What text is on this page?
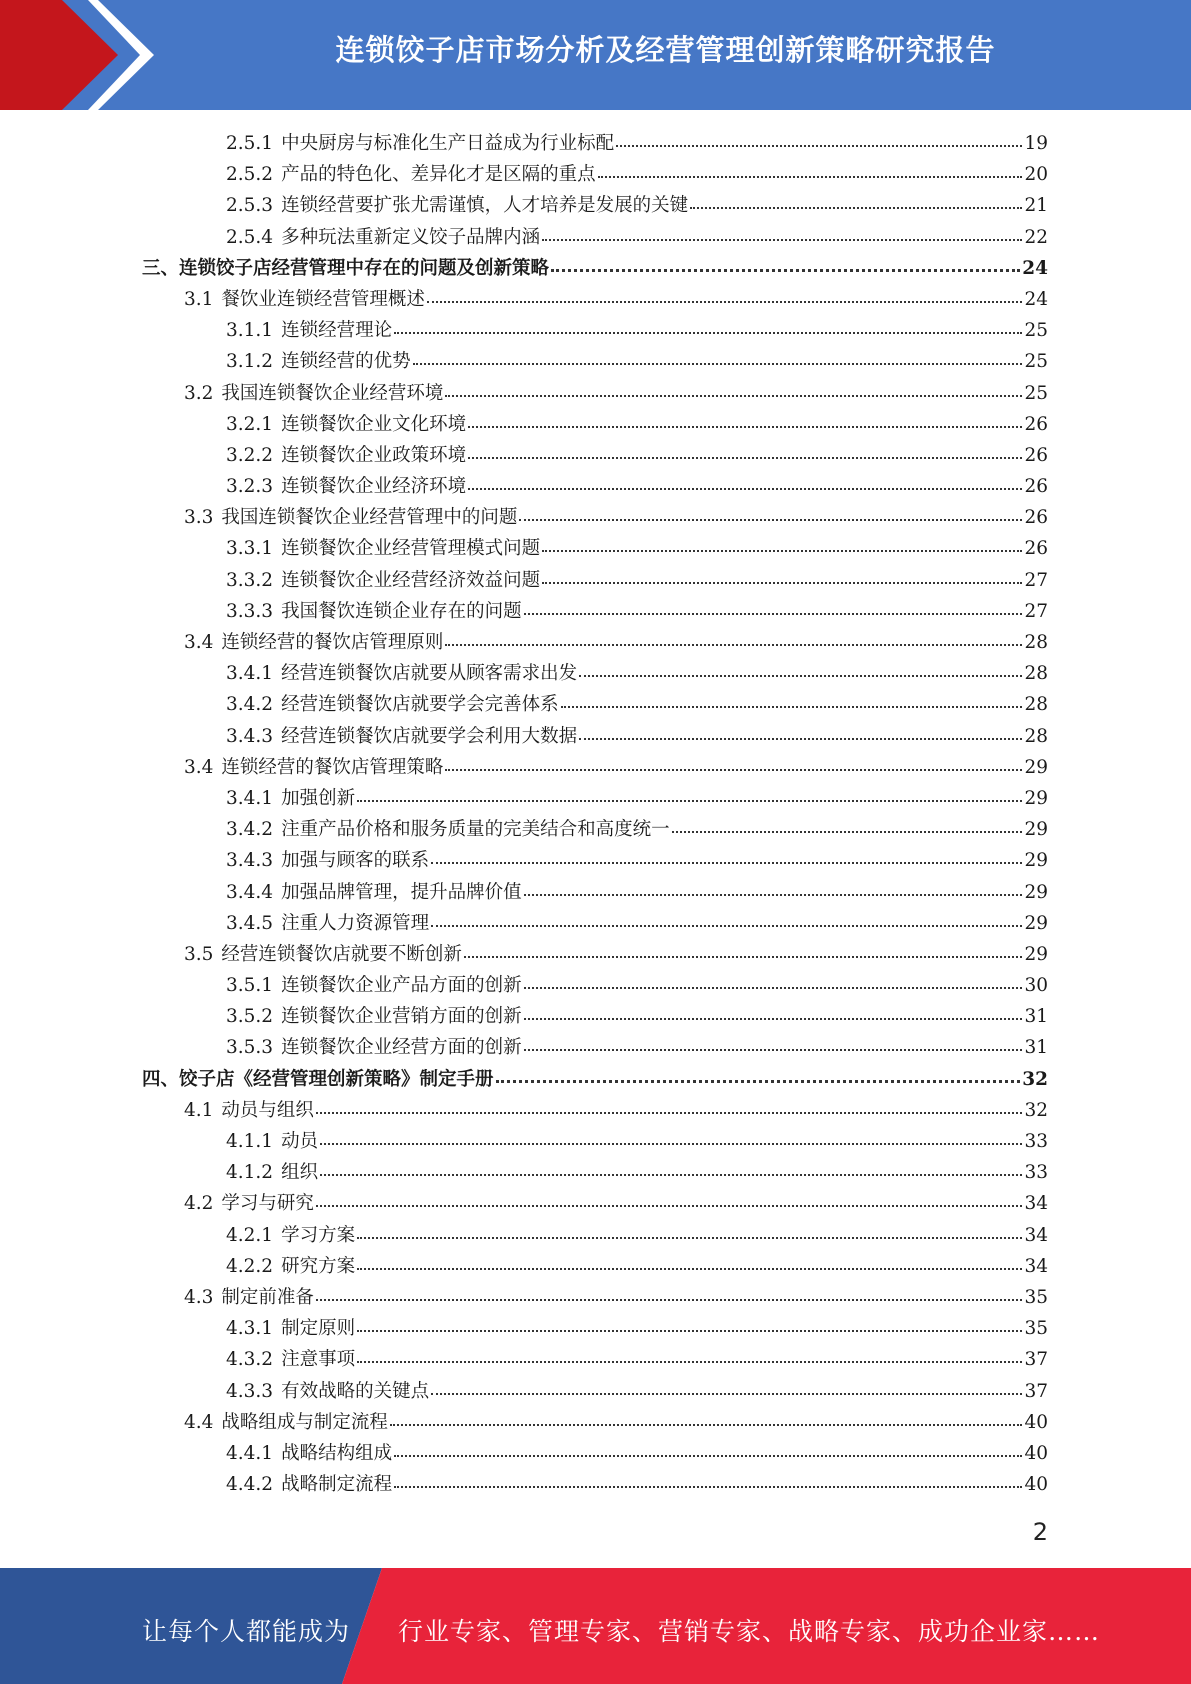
连锁饺子店市场分析及经营管理创新策略研究报告
2.5.1 中央厨房与标准化生产日益成为行业标配	19
2.5.2 产品的特色化、差异化才是区隔的重点	20
2.5.3 连锁经营要扩张尤需谨慎，人才培养是发展的关键	21
2.5.4 多种玩法重新定义饺子品牌内涵	22
三、连锁饺子店经营管理中存在的问题及创新策略	24
3.1 餐饮业连锁经营管理概述	24
3.1.1 连锁经营理论	25
3.1.2 连锁经营的优势	25
3.2 我国连锁餐饮企业经营环境	25
3.2.1 连锁餐饮企业文化环境	26
3.2.2 连锁餐饮企业政策环境	26
3.2.3 连锁餐饮企业经济环境	26
3.3 我国连锁餐饮企业经营管理中的问题	26
3.3.1 连锁餐饮企业经营管理模式问题	26
3.3.2 连锁餐饮企业经营经济效益问题	27
3.3.3 我国餐饮连锁企业存在的问题	27
3.4 连锁经营的餐饮店管理原则	28
3.4.1 经营连锁餐饮店就要从顾客需求出发	28
3.4.2 经营连锁餐饮店就要学会完善体系	28
3.4.3 经营连锁餐饮店就要学会利用大数据	28
3.4 连锁经营的餐饮店管理策略	29
3.4.1 加强创新	29
3.4.2 注重产品价格和服务质量的完美结合和高度统一	29
3.4.3 加强与顾客的联系	29
3.4.4 加强品牌管理，提升品牌价值	29
3.4.5 注重人力资源管理	29
3.5 经营连锁餐饮店就要不断创新	29
3.5.1 连锁餐饮企业产品方面的创新	30
3.5.2 连锁餐饮企业营销方面的创新	31
3.5.3 连锁餐饮企业经营方面的创新	31
四、饺子店《经营管理创新策略》制定手册	32
4.1 动员与组织	32
4.1.1 动员	33
4.1.2 组织	33
4.2 学习与研究	34
4.2.1 学习方案	34
4.2.2 研究方案	34
4.3 制定前准备	35
4.3.1 制定原则	35
4.3.2 注意事项	37
4.3.3 有效战略的关键点	37
4.4 战略组成与制定流程	40
4.4.1 战略结构组成	40
4.4.2 战略制定流程	40
2
让每个人都能成为 行业专家、管理专家、营销专家、战略专家、成功企业家……
